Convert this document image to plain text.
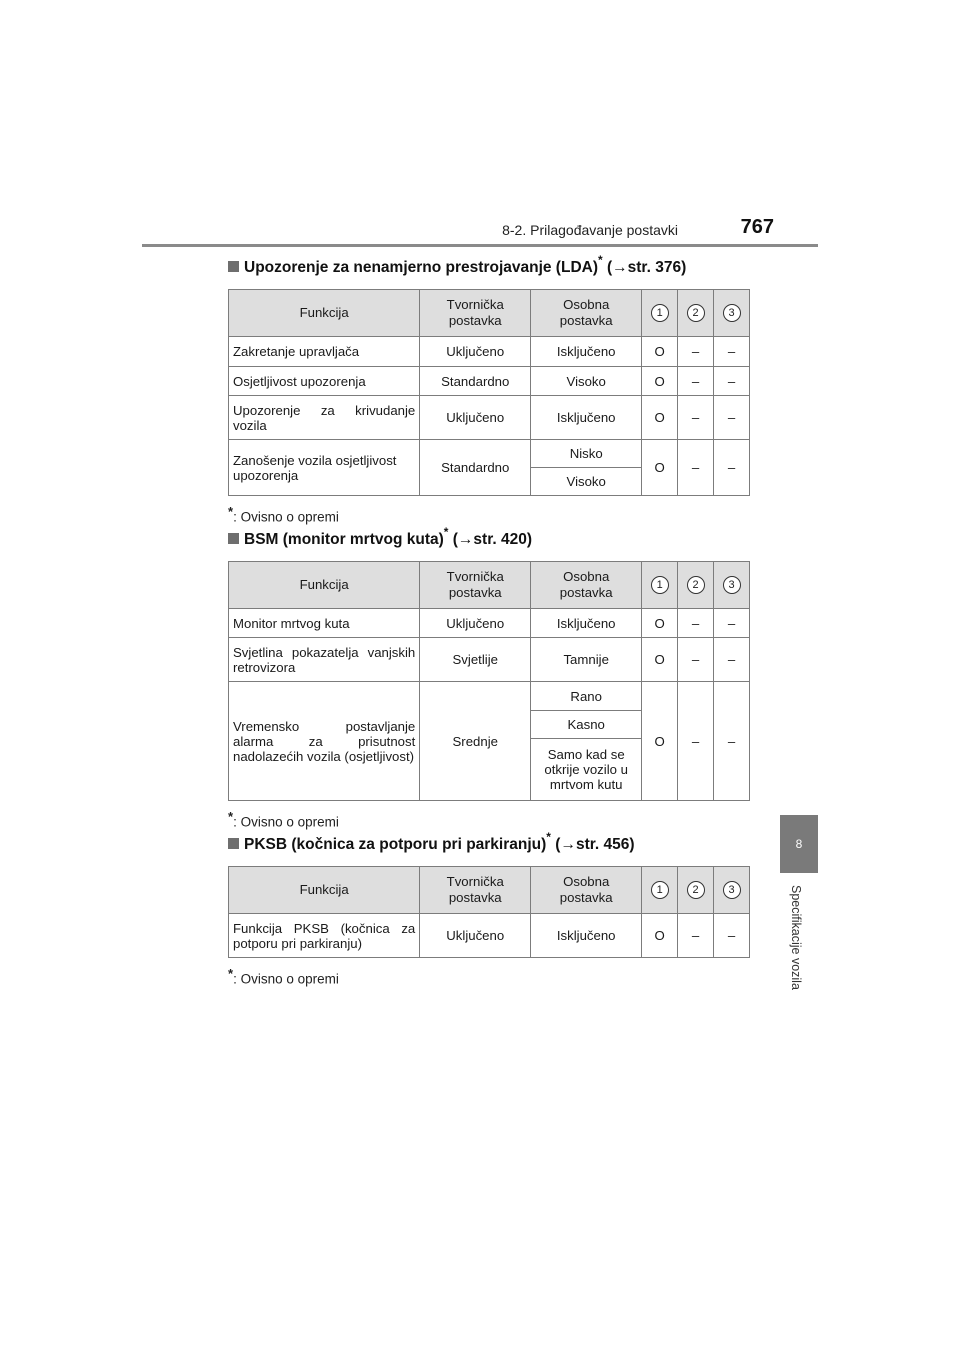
8-2. Prilagođavanje postavki	767
8
Specifikacije vozila
Upozorenje za nenamjerno prestrojavanje (LDA)* (→str. 376)
Funkcija	Tvornička postavka	Osobna postavka	1	2	3
Zakretanje upravljača	Uključeno	Isključeno	O	–	–
Osjetljivost upozorenja	Standardno	Visoko	O	–	–
Upozorenje za krivudanje vozila	Uključeno	Isključeno	O	–	–
Zanošenje vozila osjetljivost upozorenja	Standardno	Nisko	O	–	–
		Visoko			
*: Ovisno o opremi
BSM (monitor mrtvog kuta)* (→str. 420)
Funkcija	Tvornička postavka	Osobna postavka	1	2	3
Monitor mrtvog kuta	Uključeno	Isključeno	O	–	–
Svjetlina pokazatelja vanjskih retrovizora	Svjetlije	Tamnije	O	–	–
Vremensko postavljanje alarma za prisutnost nadolazećih vozila (osjetljivost)	Srednje	Rano	O	–	–
		Kasno			
		Samo kad se otkrije vozilo u mrtvom kutu			
*: Ovisno o opremi
PKSB (kočnica za potporu pri parkiranju)* (→str. 456)
Funkcija	Tvornička postavka	Osobna postavka	1	2	3
Funkcija PKSB (kočnica za potporu pri parkiranju)	Uključeno	Isključeno	O	–	–
*: Ovisno o opremi
